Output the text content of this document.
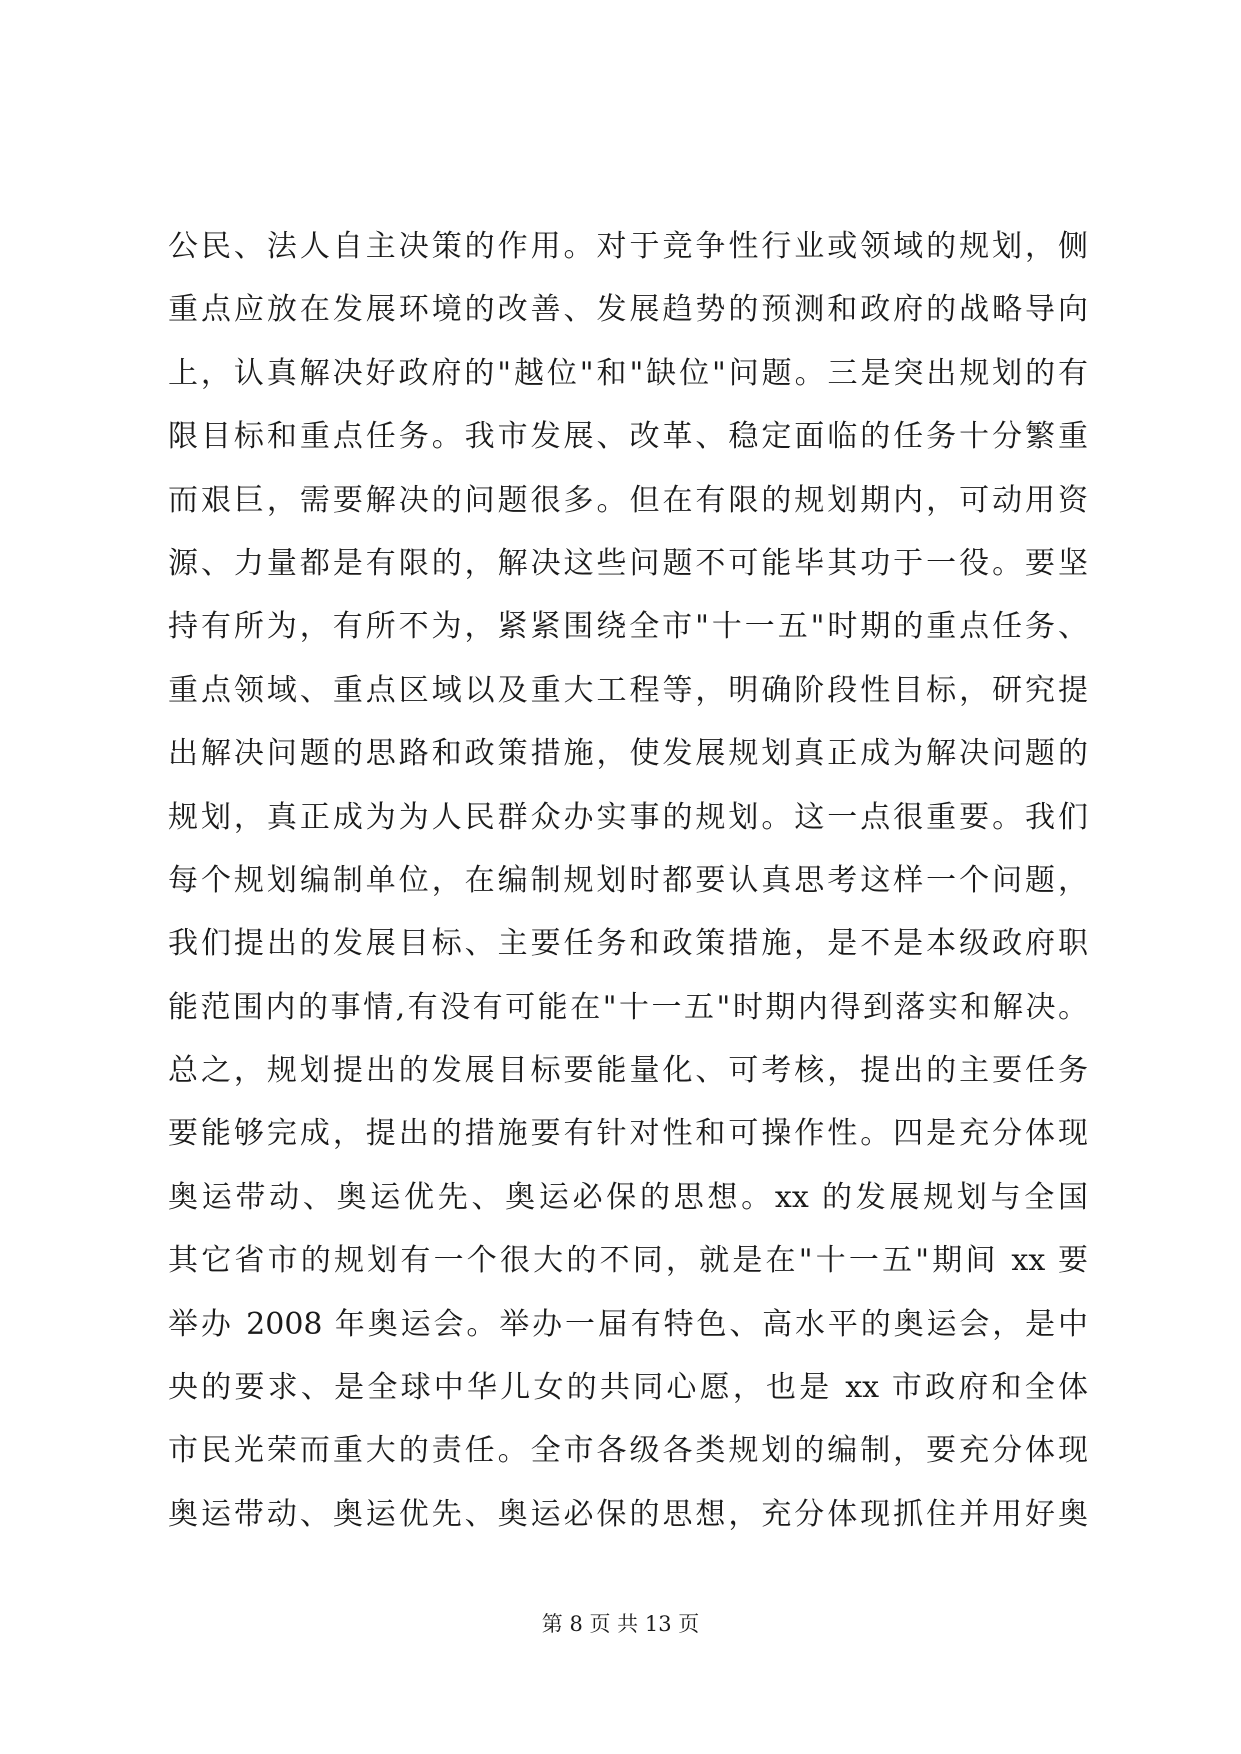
公民、法人自主决策的作用。对于竞争性行业或领域的规划，侧
重点应放在发展环境的改善、发展趋势的预测和政府的战略导向
上，认真解决好政府的"越位"和"缺位"问题。三是突出规划的有
限目标和重点任务。我市发展、改革、稳定面临的任务十分繁重
而艰巨，需要解决的问题很多。但在有限的规划期内，可动用资
源、力量都是有限的，解决这些问题不可能毕其功于一役。要坚
持有所为，有所不为，紧紧围绕全市"十一五"时期的重点任务、
重点领域、重点区域以及重大工程等，明确阶段性目标，研究提
出解决问题的思路和政策措施，使发展规划真正成为解决问题的
规划，真正成为为人民群众办实事的规划。这一点很重要。我们
每个规划编制单位，在编制规划时都要认真思考这样一个问题，
我们提出的发展目标、主要任务和政策措施，是不是本级政府职
能范围内的事情,有没有可能在"十一五"时期内得到落实和解决。
总之，规划提出的发展目标要能量化、可考核，提出的主要任务
要能够完成，提出的措施要有针对性和可操作性。四是充分体现
奥运带动、奥运优先、奥运必保的思想。xx 的发展规划与全国
其它省市的规划有一个很大的不同，就是在"十一五"期间 xx 要
举办 2008 年奥运会。举办一届有特色、高水平的奥运会，是中
央的要求、是全球中华儿女的共同心愿，也是 xx 市政府和全体
市民光荣而重大的责任。全市各级各类规划的编制，要充分体现
奥运带动、奥运优先、奥运必保的思想，充分体现抓住并用好奥
第 8 页 共 13 页
